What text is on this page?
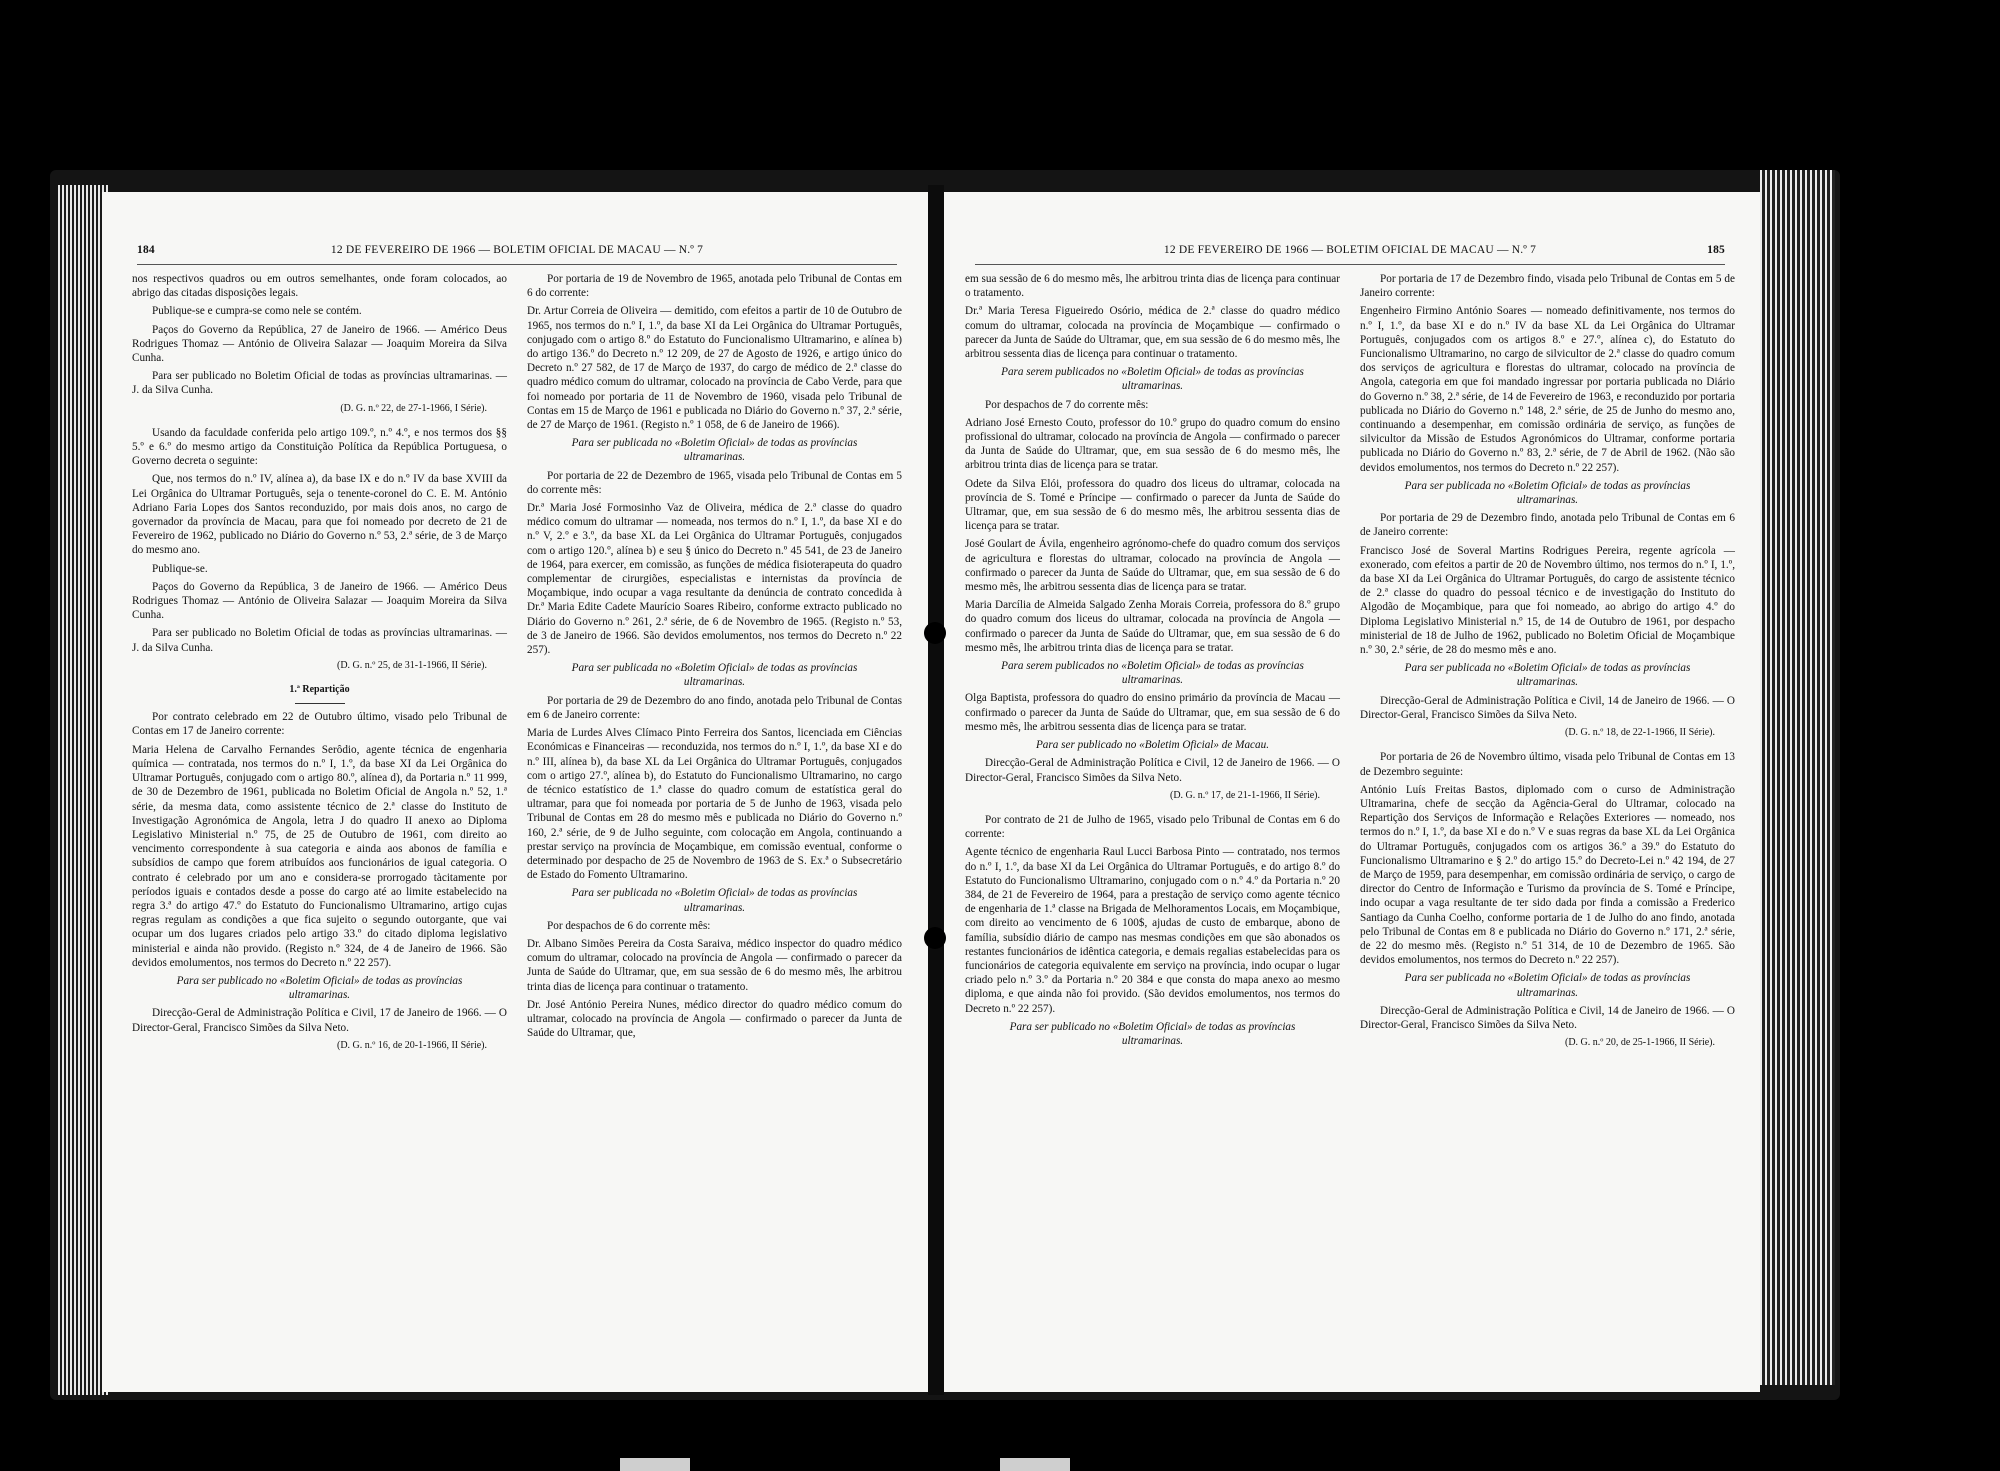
184	12 DE FEVEREIRO DE 1966 — BOLETIM OFICIAL DE MACAU — N.º 7

nos respectivos quadros ou em outros semelhantes, onde foram colocados, ao abrigo das citadas disposições legais.

Publique-se e cumpra-se como nele se contém.

Paços do Governo da República, 27 de Janeiro de 1966. — Américo Deus Rodrigues Thomaz — António de Oliveira Salazar — Joaquim Moreira da Silva Cunha.

Para ser publicado no Boletim Oficial de todas as províncias ultramarinas. — J. da Silva Cunha.

(D. G. n.º 22, de 27-1-1966, I Série).

Usando da faculdade conferida pelo artigo 109.º, n.º 4.º, e nos termos dos §§ 5.º e 6.º do mesmo artigo da Constituição Política da República Portuguesa, o Governo decreta o seguinte:

Que, nos termos do n.º IV, alínea a), da base IX e do n.º IV da base XVIII da Lei Orgânica do Ultramar Português, seja o tenente-coronel do C. E. M. António Adriano Faria Lopes dos Santos reconduzido, por mais dois anos, no cargo de governador da província de Macau, para que foi nomeado por decreto de 21 de Fevereiro de 1962, publicado no Diário do Governo n.º 53, 2.ª série, de 3 de Março do mesmo ano.

Publique-se.

Paços do Governo da República, 3 de Janeiro de 1966. — Américo Deus Rodrigues Thomaz — António de Oliveira Salazar — Joaquim Moreira da Silva Cunha.

Para ser publicado no Boletim Oficial de todas as províncias ultramarinas. — J. da Silva Cunha.

(D. G. n.º 25, de 31-1-1966, II Série).

1.ª Repartição

Por contrato celebrado em 22 de Outubro último, visado pelo Tribunal de Contas em 17 de Janeiro corrente:

Maria Helena de Carvalho Fernandes Serôdio, agente técnica de engenharia química — contratada, nos termos do n.º I, 1.º, da base XI da Lei Orgânica do Ultramar Português, conjugado com o artigo 80.º, alínea d), da Portaria n.º 11 999, de 30 de Dezembro de 1961, publicada no Boletim Oficial de Angola n.º 52, 1.ª série, da mesma data, como assistente técnico de 2.ª classe do Instituto de Investigação Agronómica de Angola, letra J do quadro II anexo ao Diploma Legislativo Ministerial n.º 75, de 25 de Outubro de 1961, com direito ao vencimento correspondente à sua categoria e ainda aos abonos de família e subsídios de campo que forem atribuídos aos funcionários de igual categoria. O contrato é celebrado por um ano e considera-se prorrogado tàcitamente por períodos iguais e contados desde a posse do cargo até ao limite estabelecido na regra 3.ª do artigo 47.º do Estatuto do Funcionalismo Ultramarino, artigo cujas regras regulam as condições a que fica sujeito o segundo outorgante, que vai ocupar um dos lugares criados pelo artigo 33.º do citado diploma legislativo ministerial e ainda não provido. (Registo n.º 324, de 4 de Janeiro de 1966. São devidos emolumentos, nos termos do Decreto n.º 22 257).

Para ser publicado no «Boletim Oficial» de todas as províncias ultramarinas.

Direcção-Geral de Administração Política e Civil, 17 de Janeiro de 1966. — O Director-Geral, Francisco Simões da Silva Neto.

(D. G. n.º 16, de 20-1-1966, II Série).

Por portaria de 19 de Novembro de 1965, anotada pelo Tribunal de Contas em 6 do corrente:

Dr. Artur Correia de Oliveira — demitido, com efeitos a partir de 10 de Outubro de 1965, nos termos do n.º I, 1.º, da base XI da Lei Orgânica do Ultramar Português, conjugado com o artigo 8.º do Estatuto do Funcionalismo Ultramarino, e alínea b) do artigo 136.º do Decreto n.º 12 209, de 27 de Agosto de 1926, e artigo único do Decreto n.º 27 582, de 17 de Março de 1937, do cargo de médico de 2.ª classe do quadro médico comum do ultramar, colocado na província de Cabo Verde, para que foi nomeado por portaria de 11 de Novembro de 1960, visada pelo Tribunal de Contas em 15 de Março de 1961 e publicada no Diário do Governo n.º 37, 2.ª série, de 27 de Março de 1961. (Registo n.º 1 058, de 6 de Janeiro de 1966).

Para ser publicada no «Boletim Oficial» de todas as províncias ultramarinas.

Por portaria de 22 de Dezembro de 1965, visada pelo Tribunal de Contas em 5 do corrente mês:

Dr.ª Maria José Formosinho Vaz de Oliveira, médica de 2.ª classe do quadro médico comum do ultramar — nomeada, nos termos do n.º I, 1.º, da base XI e do n.º V, 2.º e 3.º, da base XL da Lei Orgânica do Ultramar Português, conjugados com o artigo 120.º, alínea b) e seu § único do Decreto n.º 45 541, de 23 de Janeiro de 1964, para exercer, em comissão, as funções de médica fisioterapeuta do quadro complementar de cirurgiões, especialistas e internistas da província de Moçambique, indo ocupar a vaga resultante da denúncia de contrato concedida à Dr.ª Maria Edite Cadete Maurício Soares Ribeiro, conforme extracto publicado no Diário do Governo n.º 261, 2.ª série, de 6 de Novembro de 1965. (Registo n.º 53, de 3 de Janeiro de 1966. São devidos emolumentos, nos termos do Decreto n.º 22 257).

Para ser publicada no «Boletim Oficial» de todas as províncias ultramarinas.

Por portaria de 29 de Dezembro do ano findo, anotada pelo Tribunal de Contas em 6 de Janeiro corrente:

Maria de Lurdes Alves Clímaco Pinto Ferreira dos Santos, licenciada em Ciências Económicas e Financeiras — reconduzida, nos termos do n.º I, 1.º, da base XI e do n.º III, alínea b), da base XL da Lei Orgânica do Ultramar Português, conjugados com o artigo 27.º, alínea b), do Estatuto do Funcionalismo Ultramarino, no cargo de técnico estatístico de 1.ª classe do quadro comum de estatística geral do ultramar, para que foi nomeada por portaria de 5 de Junho de 1963, visada pelo Tribunal de Contas em 28 do mesmo mês e publicada no Diário do Governo n.º 160, 2.ª série, de 9 de Julho seguinte, com colocação em Angola, continuando a prestar serviço na província de Moçambique, em comissão eventual, conforme o determinado por despacho de 25 de Novembro de 1963 de S. Ex.ª o Subsecretário de Estado do Fomento Ultramarino.

Para ser publicada no «Boletim Oficial» de todas as províncias ultramarinas.

Por despachos de 6 do corrente mês:

Dr. Albano Simões Pereira da Costa Saraiva, médico inspector do quadro médico comum do ultramar, colocado na província de Angola — confirmado o parecer da Junta de Saúde do Ultramar, que, em sua sessão de 6 do mesmo mês, lhe arbitrou trinta dias de licença para continuar o tratamento.

Dr. José António Pereira Nunes, médico director do quadro médico comum do ultramar, colocado na província de Angola — confirmado o parecer da Junta de Saúde do Ultramar, que,

12 DE FEVEREIRO DE 1966 — BOLETIM OFICIAL DE MACAU — N.º 7	185

em sua sessão de 6 do mesmo mês, lhe arbitrou trinta dias de licença para continuar o tratamento.

Dr.ª Maria Teresa Figueiredo Osório, médica de 2.ª classe do quadro médico comum do ultramar, colocada na província de Moçambique — confirmado o parecer da Junta de Saúde do Ultramar, que, em sua sessão de 6 do mesmo mês, lhe arbitrou sessenta dias de licença para continuar o tratamento.

Para serem publicados no «Boletim Oficial» de todas as províncias ultramarinas.

Por despachos de 7 do corrente mês:

Adriano José Ernesto Couto, professor do 10.º grupo do quadro comum do ensino profissional do ultramar, colocado na província de Angola — confirmado o parecer da Junta de Saúde do Ultramar, que, em sua sessão de 6 do mesmo mês, lhe arbitrou trinta dias de licença para se tratar.

Odete da Silva Elói, professora do quadro dos liceus do ultramar, colocada na província de S. Tomé e Príncipe — confirmado o parecer da Junta de Saúde do Ultramar, que, em sua sessão de 6 do mesmo mês, lhe arbitrou sessenta dias de licença para se tratar.

José Goulart de Ávila, engenheiro agrónomo-chefe do quadro comum dos serviços de agricultura e florestas do ultramar, colocado na província de Angola — confirmado o parecer da Junta de Saúde do Ultramar, que, em sua sessão de 6 do mesmo mês, lhe arbitrou sessenta dias de licença para se tratar.

Maria Darcília de Almeida Salgado Zenha Morais Correia, professora do 8.º grupo do quadro comum dos liceus do ultramar, colocada na província de Angola — confirmado o parecer da Junta de Saúde do Ultramar, que, em sua sessão de 6 do mesmo mês, lhe arbitrou trinta dias de licença para se tratar.

Para serem publicados no «Boletim Oficial» de todas as províncias ultramarinas.

Olga Baptista, professora do quadro do ensino primário da província de Macau — confirmado o parecer da Junta de Saúde do Ultramar, que, em sua sessão de 6 do mesmo mês, lhe arbitrou sessenta dias de licença para se tratar.

Para ser publicado no «Boletim Oficial» de Macau.

Direcção-Geral de Administração Política e Civil, 12 de Janeiro de 1966. — O Director-Geral, Francisco Simões da Silva Neto.

(D. G. n.º 17, de 21-1-1966, II Série).

Por contrato de 21 de Julho de 1965, visado pelo Tribunal de Contas em 6 do corrente:

Agente técnico de engenharia Raul Lucci Barbosa Pinto — contratado, nos termos do n.º I, 1.º, da base XI da Lei Orgânica do Ultramar Português, e do artigo 8.º do Estatuto do Funcionalismo Ultramarino, conjugado com o n.º 4.º da Portaria n.º 20 384, de 21 de Fevereiro de 1964, para a prestação de serviço como agente técnico de engenharia de 1.ª classe na Brigada de Melhoramentos Locais, em Moçambique, com direito ao vencimento de 6 100$, ajudas de custo de embarque, abono de família, subsídio diário de campo nas mesmas condições em que são abonados os restantes funcionários de idêntica categoria, e demais regalias estabelecidas para os funcionários de categoria equivalente em serviço na província, indo ocupar o lugar criado pelo n.º 3.º da Portaria n.º 20 384 e que consta do mapa anexo ao mesmo diploma, e que ainda não foi provido. (São devidos emolumentos, nos termos do Decreto n.º 22 257).

Para ser publicado no «Boletim Oficial» de todas as províncias ultramarinas.

Por portaria de 17 de Dezembro findo, visada pelo Tribunal de Contas em 5 de Janeiro corrente:

Engenheiro Firmino António Soares — nomeado definitivamente, nos termos do n.º I, 1.º, da base XI e do n.º IV da base XL da Lei Orgânica do Ultramar Português, conjugados com os artigos 8.º e 27.º, alínea c), do Estatuto do Funcionalismo Ultramarino, no cargo de silvicultor de 2.ª classe do quadro comum dos serviços de agricultura e florestas do ultramar, colocado na província de Angola, categoria em que foi mandado ingressar por portaria publicada no Diário do Governo n.º 38, 2.ª série, de 14 de Fevereiro de 1963, e reconduzido por portaria publicada no Diário do Governo n.º 148, 2.ª série, de 25 de Junho do mesmo ano, continuando a desempenhar, em comissão ordinária de serviço, as funções de silvicultor da Missão de Estudos Agronómicos do Ultramar, conforme portaria publicada no Diário do Governo n.º 83, 2.ª série, de 7 de Abril de 1962. (Não são devidos emolumentos, nos termos do Decreto n.º 22 257).

Para ser publicada no «Boletim Oficial» de todas as províncias ultramarinas.

Por portaria de 29 de Dezembro findo, anotada pelo Tribunal de Contas em 6 de Janeiro corrente:

Francisco José de Soveral Martins Rodrigues Pereira, regente agrícola — exonerado, com efeitos a partir de 20 de Novembro último, nos termos do n.º I, 1.º, da base XI da Lei Orgânica do Ultramar Português, do cargo de assistente técnico de 2.ª classe do quadro do pessoal técnico e de investigação do Instituto do Algodão de Moçambique, para que foi nomeado, ao abrigo do artigo 4.º do Diploma Legislativo Ministerial n.º 15, de 14 de Outubro de 1961, por despacho ministerial de 18 de Julho de 1962, publicado no Boletim Oficial de Moçambique n.º 30, 2.ª série, de 28 do mesmo mês e ano.

Para ser publicada no «Boletim Oficial» de todas as províncias ultramarinas.

Direcção-Geral de Administração Política e Civil, 14 de Janeiro de 1966. — O Director-Geral, Francisco Simões da Silva Neto.

(D. G. n.º 18, de 22-1-1966, II Série).

Por portaria de 26 de Novembro último, visada pelo Tribunal de Contas em 13 de Dezembro seguinte:

António Luís Freitas Bastos, diplomado com o curso de Administração Ultramarina, chefe de secção da Agência-Geral do Ultramar, colocado na Repartição dos Serviços de Informação e Relações Exteriores — nomeado, nos termos do n.º I, 1.º, da base XI e do n.º V e suas regras da base XL da Lei Orgânica do Ultramar Português, conjugados com os artigos 36.º a 39.º do Estatuto do Funcionalismo Ultramarino e § 2.º do artigo 15.º do Decreto-Lei n.º 42 194, de 27 de Março de 1959, para desempenhar, em comissão ordinária de serviço, o cargo de director do Centro de Informação e Turismo da província de S. Tomé e Príncipe, indo ocupar a vaga resultante de ter sido dada por finda a comissão a Frederico Santiago da Cunha Coelho, conforme portaria de 1 de Julho do ano findo, anotada pelo Tribunal de Contas em 8 e publicada no Diário do Governo n.º 171, 2.ª série, de 22 do mesmo mês. (Registo n.º 51 314, de 10 de Dezembro de 1965. São devidos emolumentos, nos termos do Decreto n.º 22 257).

Para ser publicada no «Boletim Oficial» de todas as províncias ultramarinas.

Direcção-Geral de Administração Política e Civil, 14 de Janeiro de 1966. — O Director-Geral, Francisco Simões da Silva Neto.

(D. G. n.º 20, de 25-1-1966, II Série).
